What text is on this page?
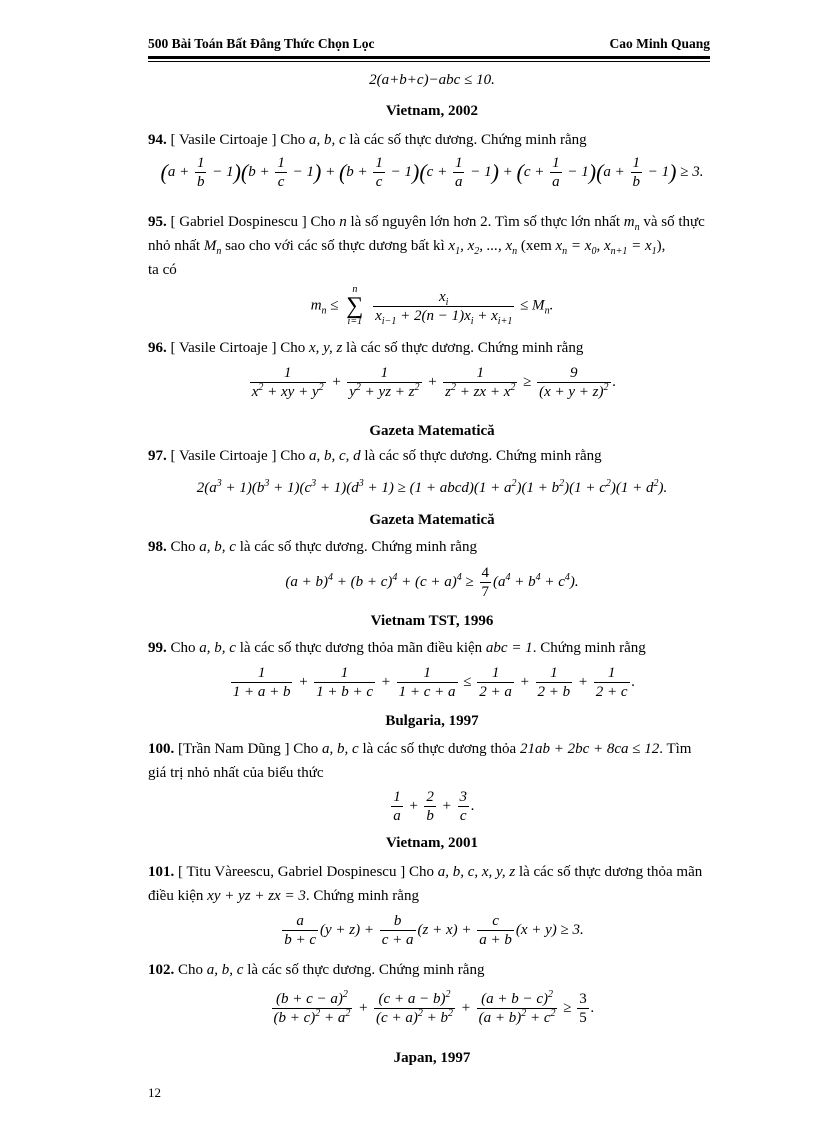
500 Bài Toán Bất Đẳng Thức Chọn Lọc	Cao Minh Quang
2(a+b+c)−abc ≤ 10.
Vietnam, 2002
94. [ Vasile Cirtoaje ] Cho a, b, c là các số thực dương. Chứng minh rằng
$(a + \frac{1}{b} - 1)(b + \frac{1}{c} - 1) + (b + \frac{1}{c} - 1)(c + \frac{1}{a} - 1) + (c + \frac{1}{a} - 1)(a + \frac{1}{b} - 1) \ge 3$.
95. [ Gabriel Dospinescu ] Cho n là số nguyên lớn hơn 2. Tìm số thực lớn nhất $m_n$ và số thực nhỏ nhất $M_n$ sao cho với các số thực dương bất kì $x_1$, $x_2$, ..., $x_n$ (xem $x_n = x_0$, $x_{n+1} = x_1$),
ta có
$m_n$ ≤
n
∑
i=1
$\frac{x_i}{x_{i-1} + 2(n - 1)x_i + x_{i+1}} \le M_n$.
96. [ Vasile Cirtoaje ] Cho x, y, z là các số thực dương. Chứng minh rằng
$\frac{1}{x^2 + xy + y^2} + \frac{1}{y^2 + yz + z^2} + \frac{1}{z^2 + zx + x^2} \ge \frac{9}{(x + y + z)^2}$ .
Gazeta Matematică
97. [ Vasile Cirtoaje ] Cho a, b, c, d là các số thực dương. Chứng minh rằng
$2(a^3 + 1)(b^3 + 1)(c^3 + 1)(d^3 + 1) \ge (1$ + abcd)(1 + $a^2)(1 + b^2)(1 + c^2)(1 + d^2)$.
Gazeta Matematică
98. Cho a, b, c là các số thực dương. Chứng minh rằng
$(a + b)^4 + (b + c)^4 + (c + a)^4 \ge \frac{4}{7} (a^4 + b^4 + c^4)$.
Vietnam TST, 1996
99. Cho a, b, c là các số thực dương thỏa mãn điều kiện abc = 1. Chứng minh rằng
$\frac{1}{1 + a + b} + \frac{1}{1 + b + c} + \frac{1}{1 + c + a} \le \frac{1}{2 + a} + \frac{1}{2 + b} + \frac{1}{2 + c}$ .
Bulgaria, 1997
100. [Trần Nam Dũng ] Cho a, b, c là các số thực dương thỏa 21ab + 2bc + 8ca ≤ 12. Tìm
giá trị nhỏ nhất của biểu thức
$\frac{1}{a} + \frac{2}{b} + \frac{3}{c}$ .
Vietnam, 2001
101. [ Titu Vàreescu, Gabriel Dospinescu ] Cho a, b, c, x, y, z là các số thực dương thỏa mãn
điều kiện xy + yz + zx = 3. Chứng minh rằng
$\frac{a}{b + c} (y + z) + \frac{b}{c + a} (z + x) + \frac{c}{a + b} (x + y) \ge 3$.
102. Cho a, b, c là các số thực dương. Chứng minh rằng
$\frac{(b + c - a)^2}{(b + c)^2 + a^2} + \frac{(c + a - b)^2}{(c + a)^2 + b^2} + \frac{(a + b - c)^2}{(a + b)^2 + c^2} \ge \frac{3}{5}$ .
Japan, 1997
12
